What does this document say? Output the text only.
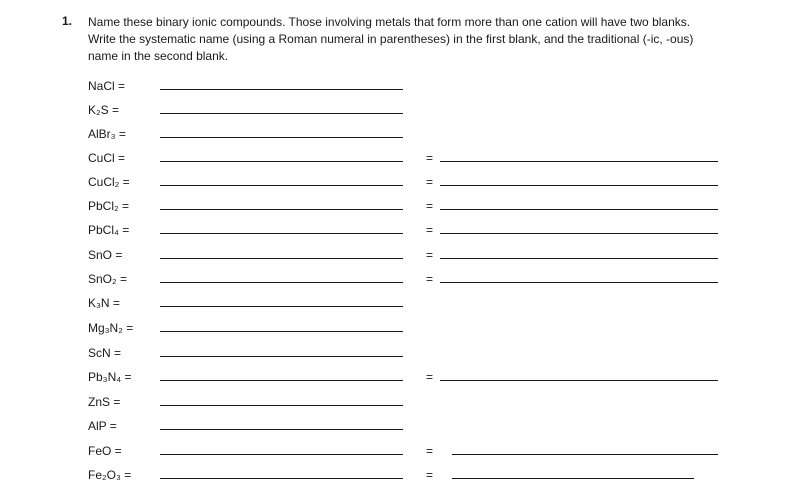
1. Name these binary ionic compounds. Those involving metals that form more than one cation will have two blanks.
Write the systematic name (using a Roman numeral in parentheses) in the first blank, and the traditional (-ic, -ous)
name in the second blank.

NaCl =
K₂S =
AlBr₃ =
CuCl =	=
CuCl₂ =	=
PbCl₂ =	=
PbCl₄ =	=
SnO =	=
SnO₂ =	=
K₃N =
Mg₃N₂ =
ScN =
Pb₃N₄ =	=
ZnS =
AlP =
FeO =	=
Fe₂O₃ =	=
